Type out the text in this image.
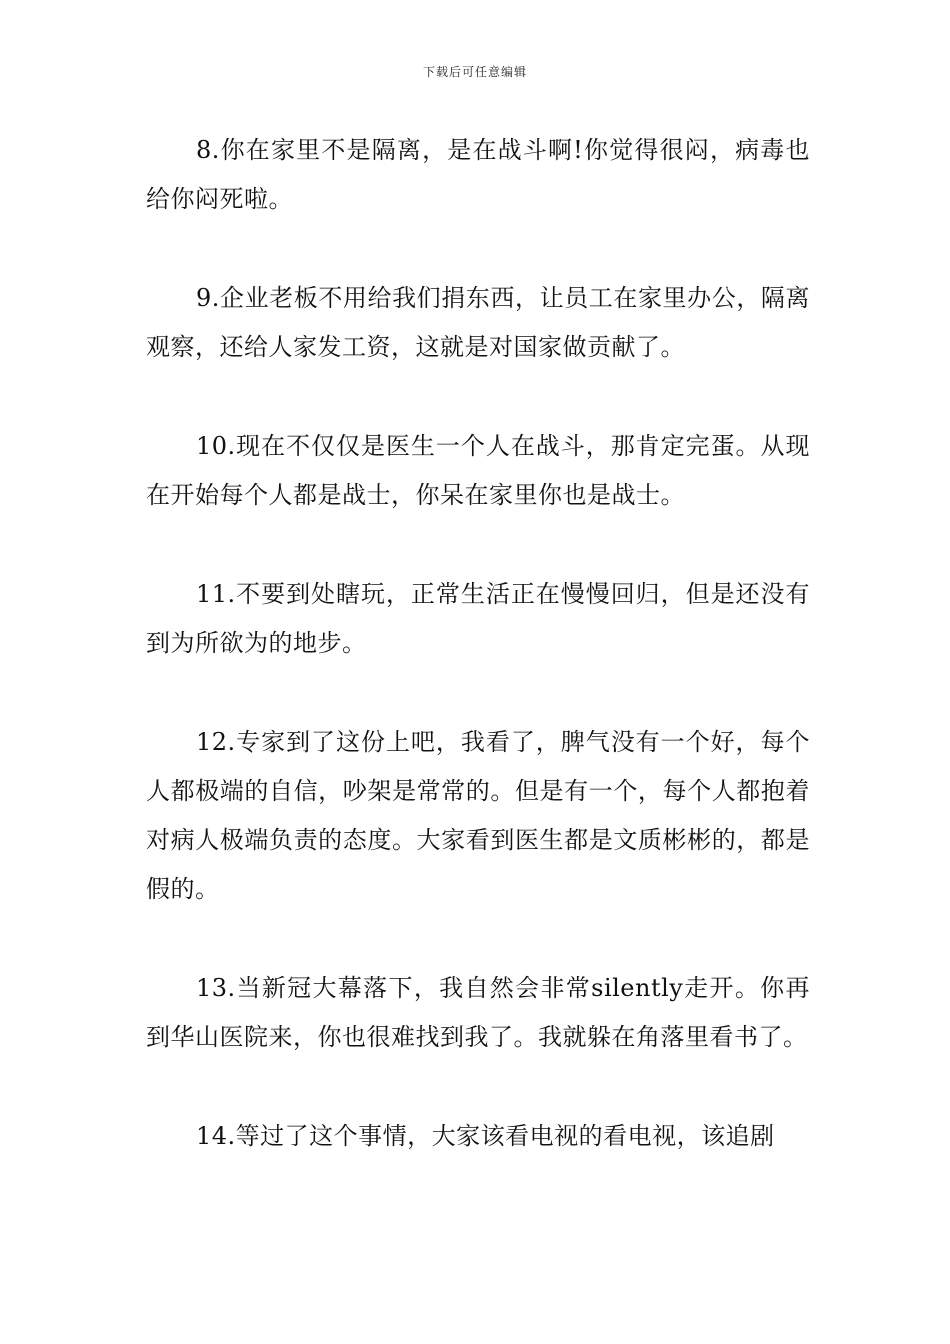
下载后可任意编辑

8.你在家里不是隔离，是在战斗啊!你觉得很闷，病毒也给你闷死啦。

9.企业老板不用给我们捐东西，让员工在家里办公，隔离观察，还给人家发工资，这就是对国家做贡献了。

10.现在不仅仅是医生一个人在战斗，那肯定完蛋。从现在开始每个人都是战士，你呆在家里你也是战士。

11.不要到处瞎玩，正常生活正在慢慢回归，但是还没有到为所欲为的地步。

12.专家到了这份上吧，我看了，脾气没有一个好，每个人都极端的自信，吵架是常常的。但是有一个，每个人都抱着对病人极端负责的态度。大家看到医生都是文质彬彬的，都是假的。

13.当新冠大幕落下，我自然会非常silently走开。你再到华山医院来，你也很难找到我了。我就躲在角落里看书了。

14.等过了这个事情，大家该看电视的看电视，该追剧
